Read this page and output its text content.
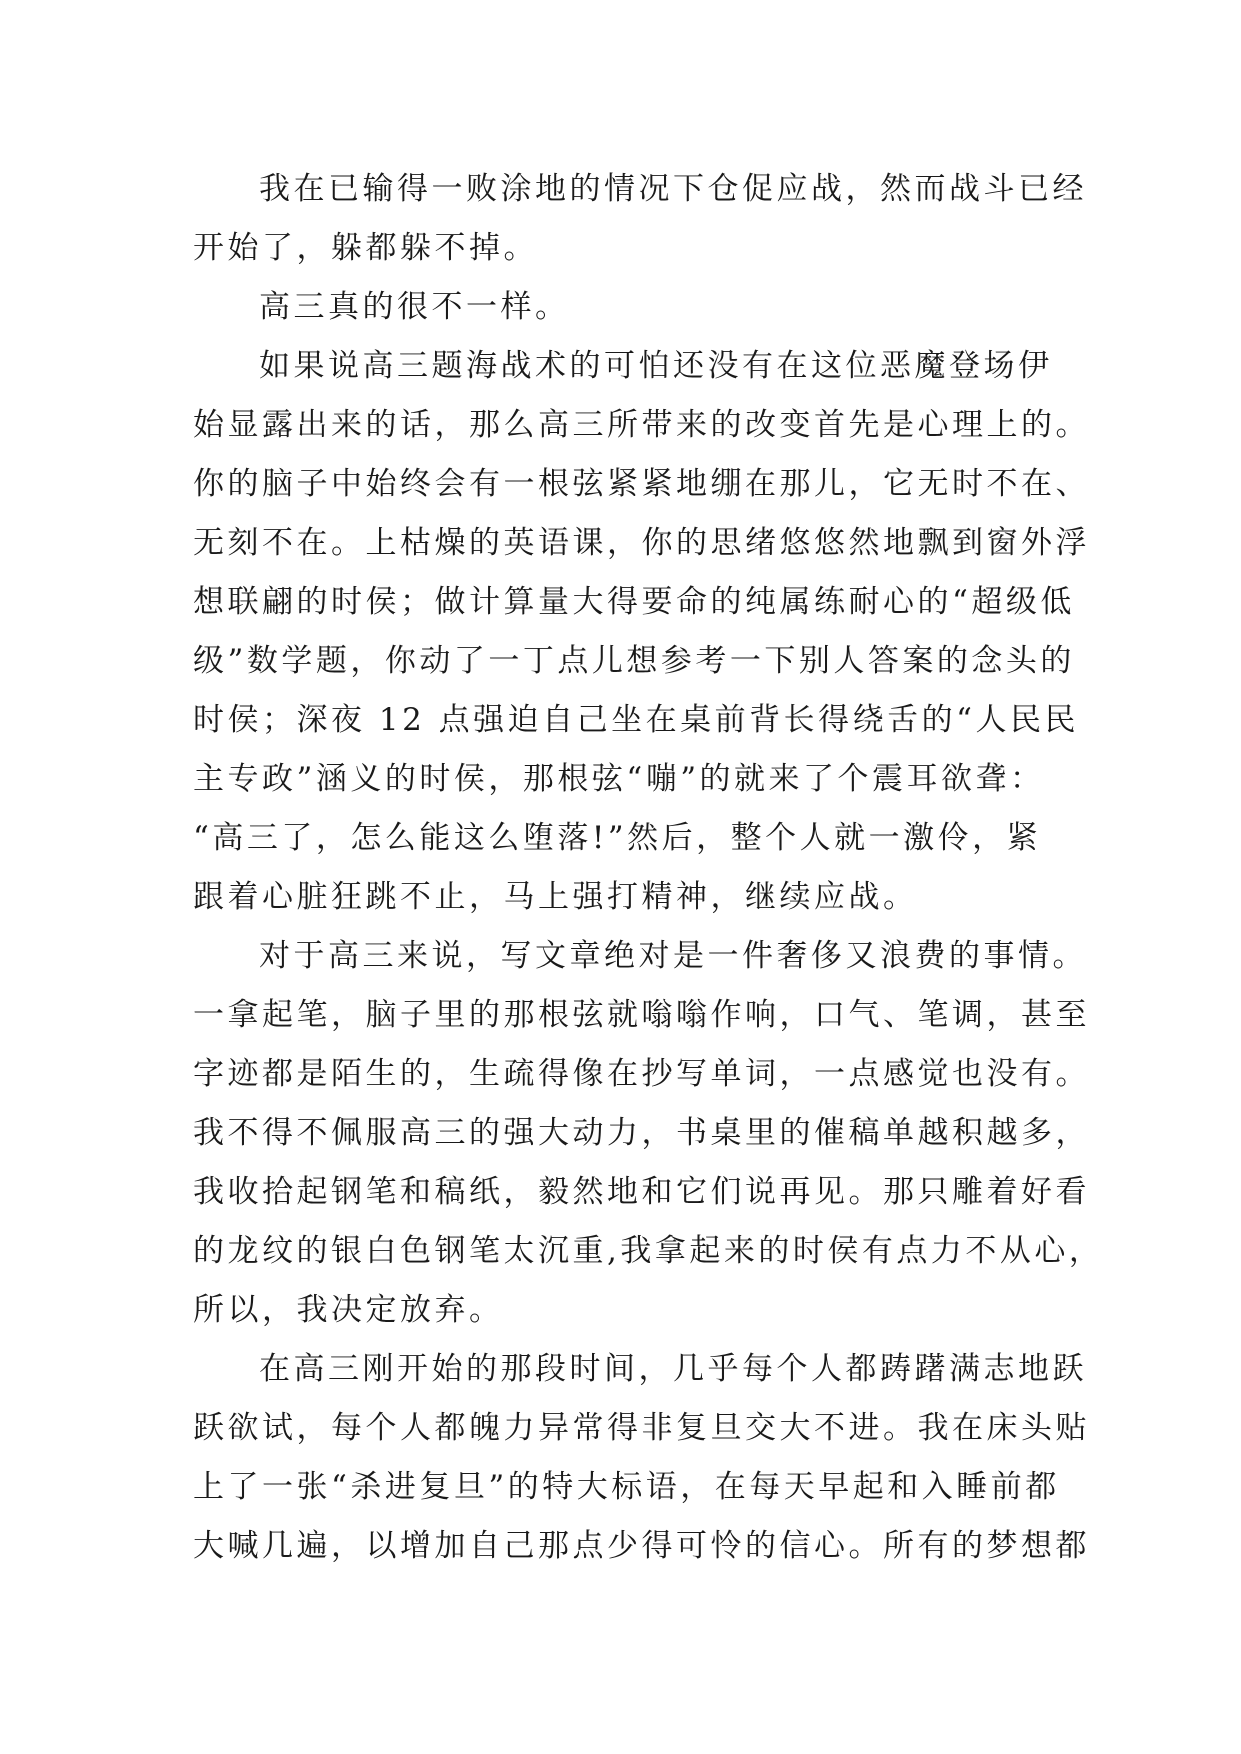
我在已输得一败涂地的情况下仓促应战，然而战斗已经
开始了，躲都躲不掉。
高三真的很不一样。
如果说高三题海战术的可怕还没有在这位恶魔登场伊
始显露出来的话，那么高三所带来的改变首先是心理上的。
你的脑子中始终会有一根弦紧紧地绷在那儿，它无时不在、
无刻不在。上枯燥的英语课，你的思绪悠悠然地飘到窗外浮
想联翩的时侯；做计算量大得要命的纯属练耐心的“超级低
级”数学题，你动了一丁点儿想参考一下别人答案的念头的
时侯；深夜 12 点强迫自己坐在桌前背长得绕舌的“人民民
主专政”涵义的时侯，那根弦“嘣”的就来了个震耳欲聋：
“高三了，怎么能这么堕落!”然后，整个人就一激伶，紧
跟着心脏狂跳不止，马上强打精神，继续应战。
对于高三来说，写文章绝对是一件奢侈又浪费的事情。
一拿起笔，脑子里的那根弦就嗡嗡作响，口气、笔调，甚至
字迹都是陌生的，生疏得像在抄写单词，一点感觉也没有。
我不得不佩服高三的强大动力，书桌里的催稿单越积越多，
我收拾起钢笔和稿纸，毅然地和它们说再见。那只雕着好看
的龙纹的银白色钢笔太沉重,我拿起来的时侯有点力不从心，
所以，我决定放弃。
在高三刚开始的那段时间，几乎每个人都踌躇满志地跃
跃欲试，每个人都魄力异常得非复旦交大不进。我在床头贴
上了一张“杀进复旦”的特大标语，在每天早起和入睡前都
大喊几遍，以增加自己那点少得可怜的信心。所有的梦想都
